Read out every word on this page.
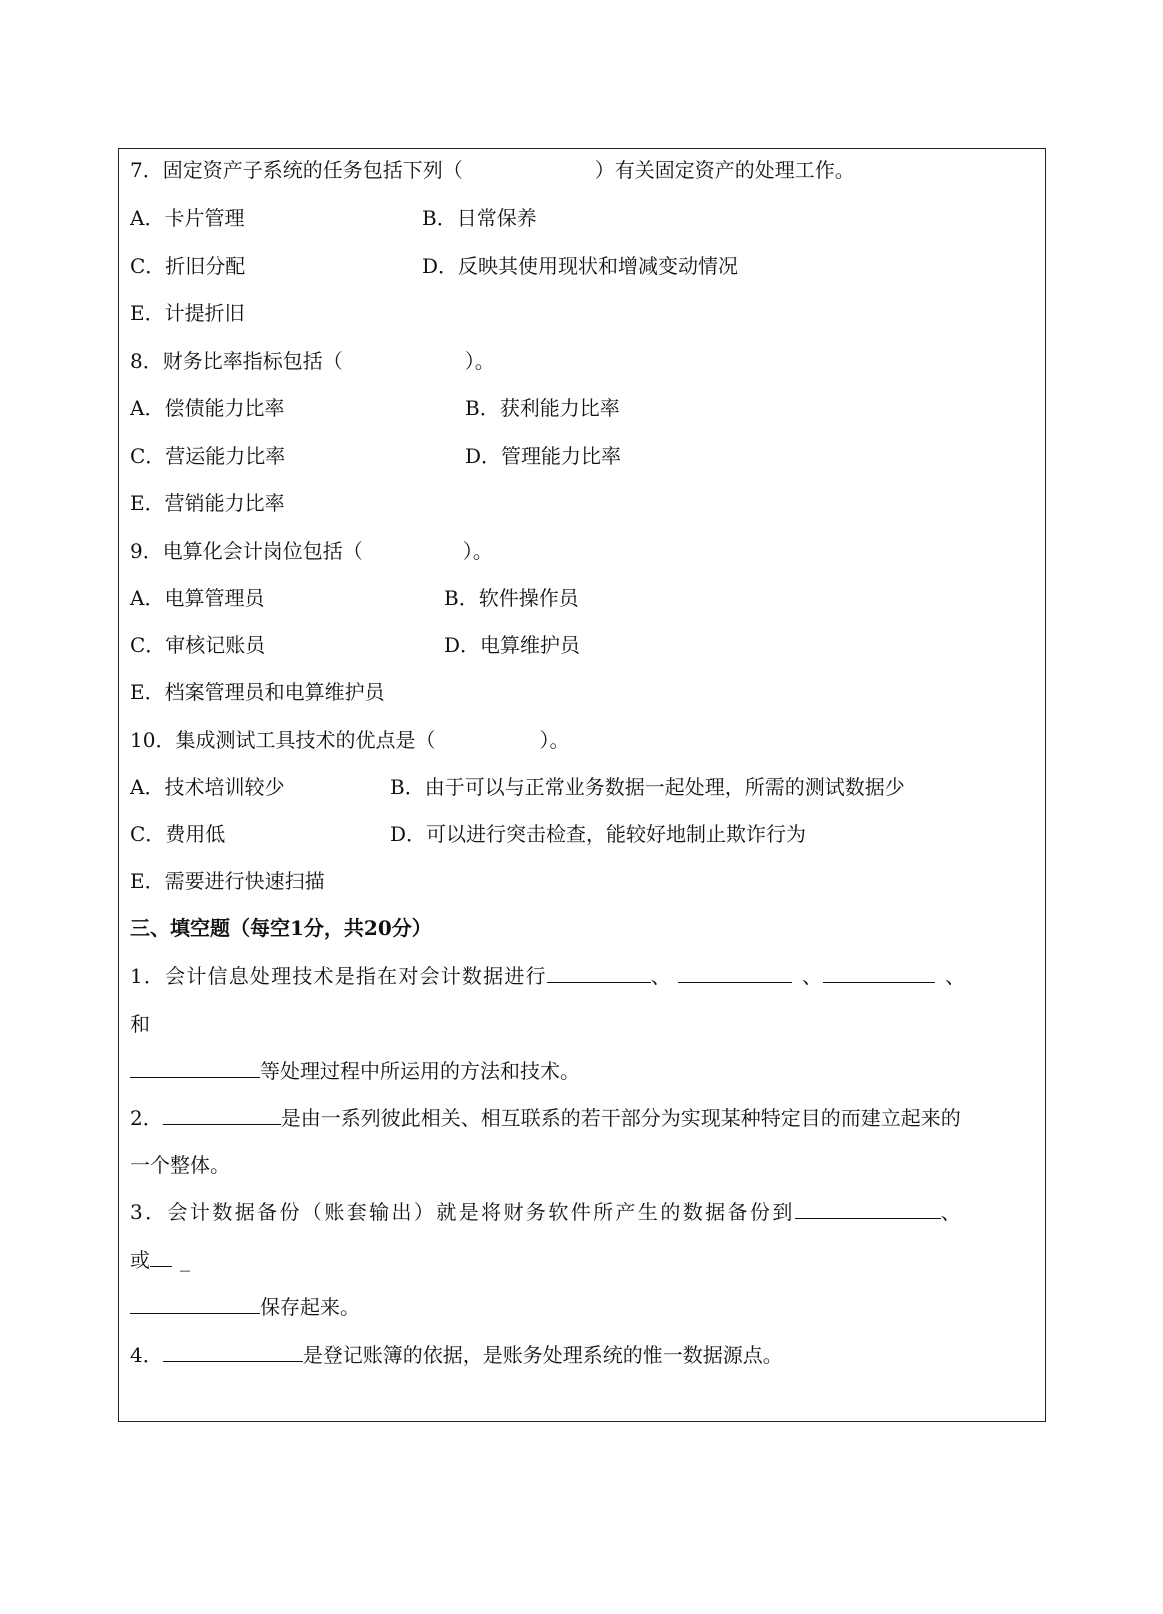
7．固定资产子系统的任务包括下列（	）有关固定资产的处理工作。
A．卡片管理	B．日常保养
C．折旧分配	D．反映其使用现状和增减变动情况
E．计提折旧
8．财务比率指标包括（	）。
A．偿债能力比率	B．获利能力比率
C．营运能力比率	D．管理能力比率
E．营销能力比率
9．电算化会计岗位包括（	）。
A．电算管理员	B．软件操作员
C．审核记账员	D．电算维护员
E．档案管理员和电算维护员
10．集成测试工具技术的优点是（	）。
A．技术培训较少	B．由于可以与正常业务数据一起处理，所需的测试数据少
C．费用低	D．可以进行突击检查，能较好地制止欺诈行为
E．需要进行快速扫描
三、填空题（每空1分，共20分）
1．会计信息处理技术是指在对会计数据进行	、	、	、
和
等处理过程中所运用的方法和技术。
2．	是由一系列彼此相关、相互联系的若干部分为实现某种特定目的而建立起来的
一个整体。
3．会计数据备份（账套输出）就是将财务软件所产生的数据备份到	、
或 _
保存起来。
4．	是登记账簿的依据，是账务处理系统的惟一数据源点。
